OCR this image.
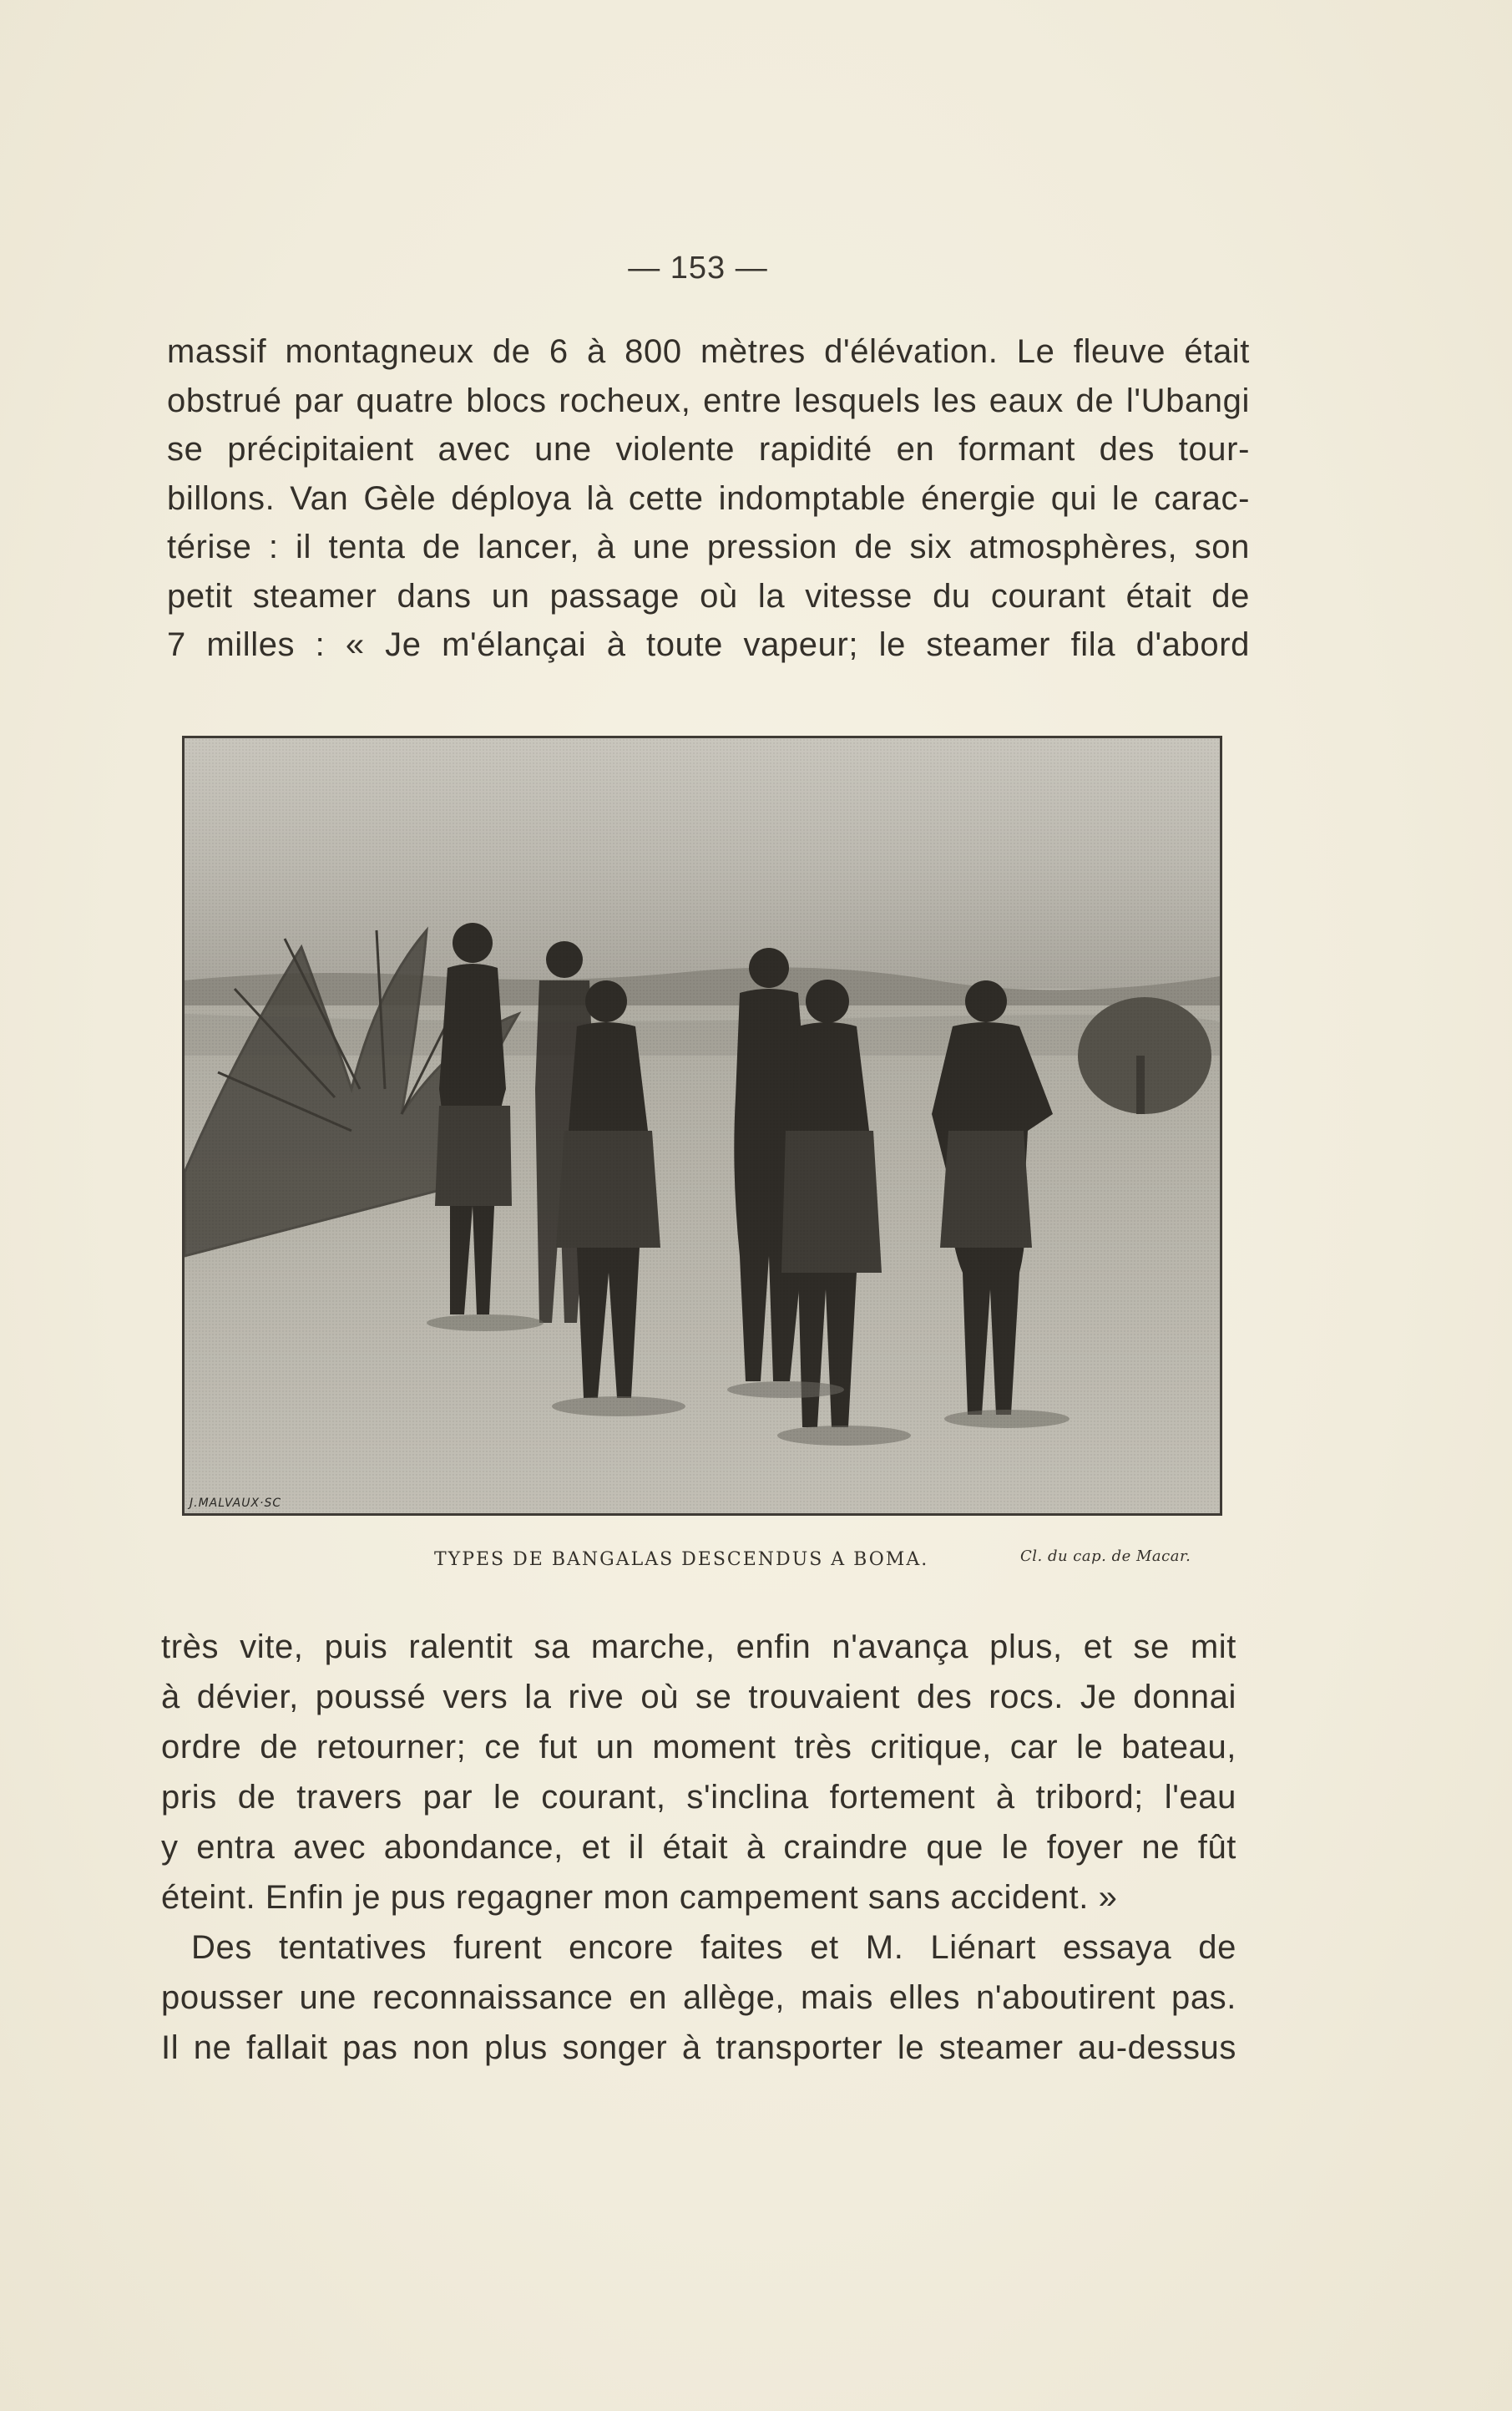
— 153 —
massif montagneux de 6 à 800 mètres d'élévation. Le fleuve était
obstrué par quatre blocs rocheux, entre lesquels les eaux de l'Ubangi
se précipitaient avec une violente rapidité en formant des tour-
billons. Van Gèle déploya là cette indomptable énergie qui le carac-
térise : il tenta de lancer, à une pression de six atmosphères, son
petit steamer dans un passage où la vitesse du courant était de
7 milles : « Je m'élançai à toute vapeur; le steamer fila d'abord
J.MALVAUX·SC
TYPES DE BANGALAS DESCENDUS A BOMA.	Cl. du cap. de Macar.
très vite, puis ralentit sa marche, enfin n'avança plus, et se mit
à dévier, poussé vers la rive où se trouvaient des rocs. Je donnai
ordre de retourner; ce fut un moment très critique, car le bateau,
pris de travers par le courant, s'inclina fortement à tribord; l'eau
y entra avec abondance, et il était à craindre que le foyer ne fût
éteint. Enfin je pus regagner mon campement sans accident. »
Des tentatives furent encore faites et M. Liénart essaya de
pousser une reconnaissance en allège, mais elles n'aboutirent pas.
Il ne fallait pas non plus songer à transporter le steamer au-dessus
